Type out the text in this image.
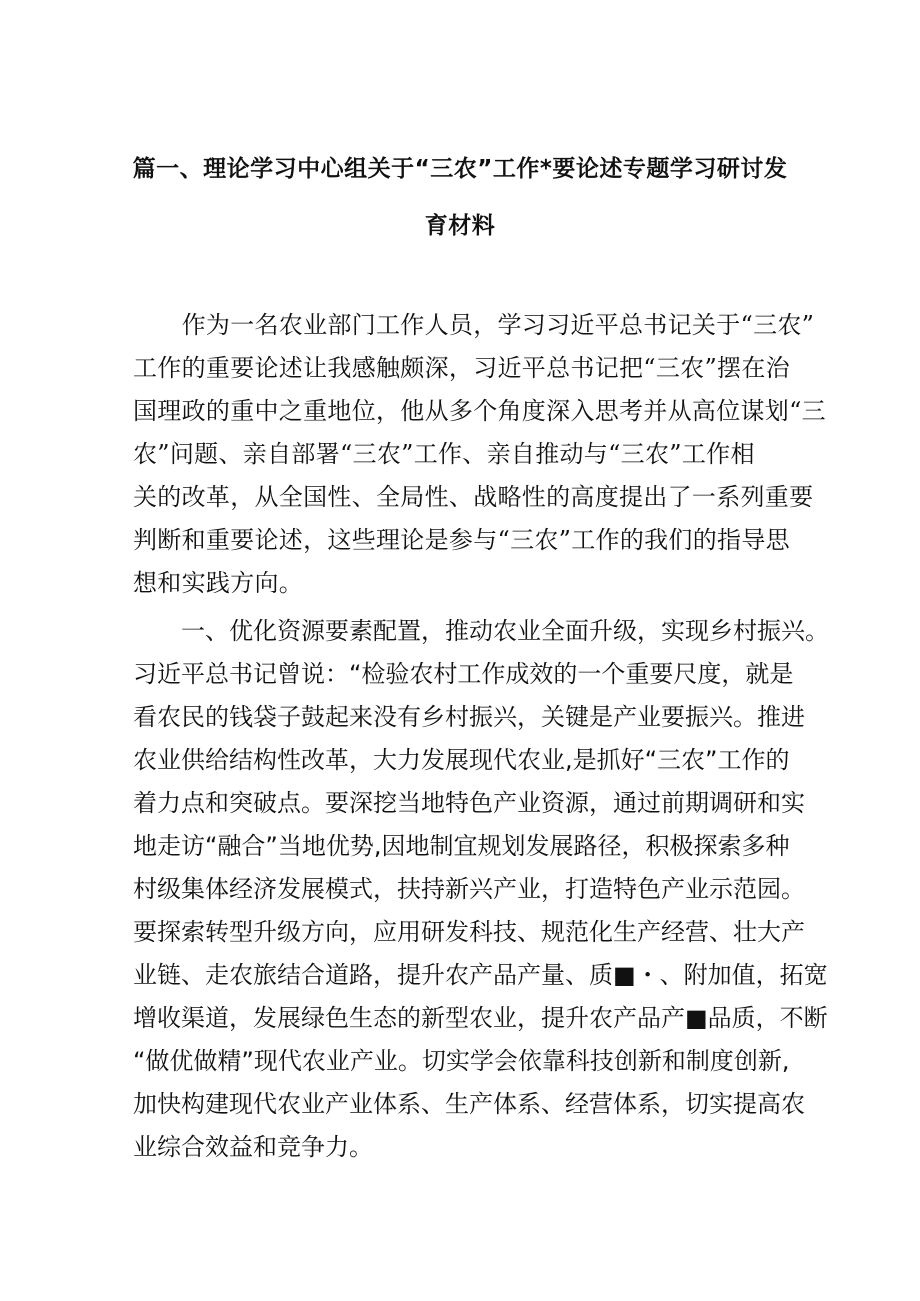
篇一、理论学习中心组关于“三农”工作*要论述专题学习研讨发
育材料
　　作为一名农业部门工作人员，学习习近平总书记关于“三农”
工作的重要论述让我感触颇深，习近平总书记把“三农”摆在治
国理政的重中之重地位，他从多个角度深入思考并从高位谋划“三
农”问题、亲自部署“三农”工作、亲自推动与“三农”工作相
关的改革，从全国性、全局性、战略性的高度提出了一系列重要
判断和重要论述，这些理论是参与“三农”工作的我们的指导思
想和实践方向。
　　一、优化资源要素配置，推动农业全面升级，实现乡村振兴。
习近平总书记曾说：“检验农村工作成效的一个重要尺度，就是
看农民的钱袋子鼓起来没有乡村振兴，关键是产业要振兴。推进
农业供给结构性改革，大力发展现代农业,是抓好“三农”工作的
着力点和突破点。要深挖当地特色产业资源，通过前期调研和实
地走访“融合”当地优势,因地制宜规划发展路径，积极探索多种
村级集体经济发展模式，扶持新兴产业，打造特色产业示范园。
要探索转型升级方向，应用研发科技、规范化生产经营、壮大产
业链、走农旅结合道路，提升农产品产量、质■・、附加值，拓宽
增收渠道，发展绿色生态的新型农业，提升农产品产■品质，不断
“做优做精”现代农业产业。切实学会依靠科技创新和制度创新,
加快构建现代农业产业体系、生产体系、经营体系，切实提高农
业综合效益和竞争力。
